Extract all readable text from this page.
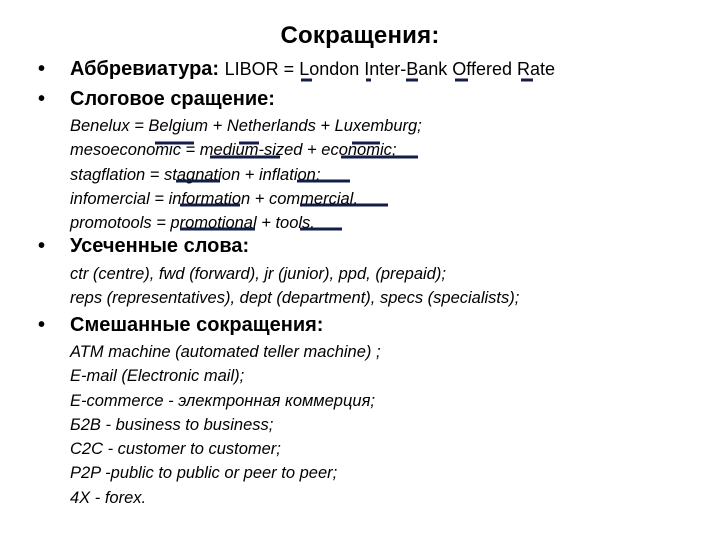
Сокращения:
• Аббревиатура: LIBOR = London Inter-Bank Offered Rate
• Слоговое сращение:
Benelux = Belgium + Netherlands + Luxemburg;
mesoeconomic = medium-sized + economic;
stagflation = stagnation + inflation;
infomercial = information + commercial,
promotools = promotional + tools.
• Усеченные слова:
ctr (centre), fwd (forward), jr (junior), ppd, (prepaid);
reps (representatives), dept (department), specs (specialists);
• Смешанные сокращения:
ATM machine (automated teller machine) ;
E-mail (Electronic mail);
E-commerce - электронная коммерция;
Б2В - business to business;
C2C - customer to customer;
P2P -public to public or peer to peer;
4X - forex.
